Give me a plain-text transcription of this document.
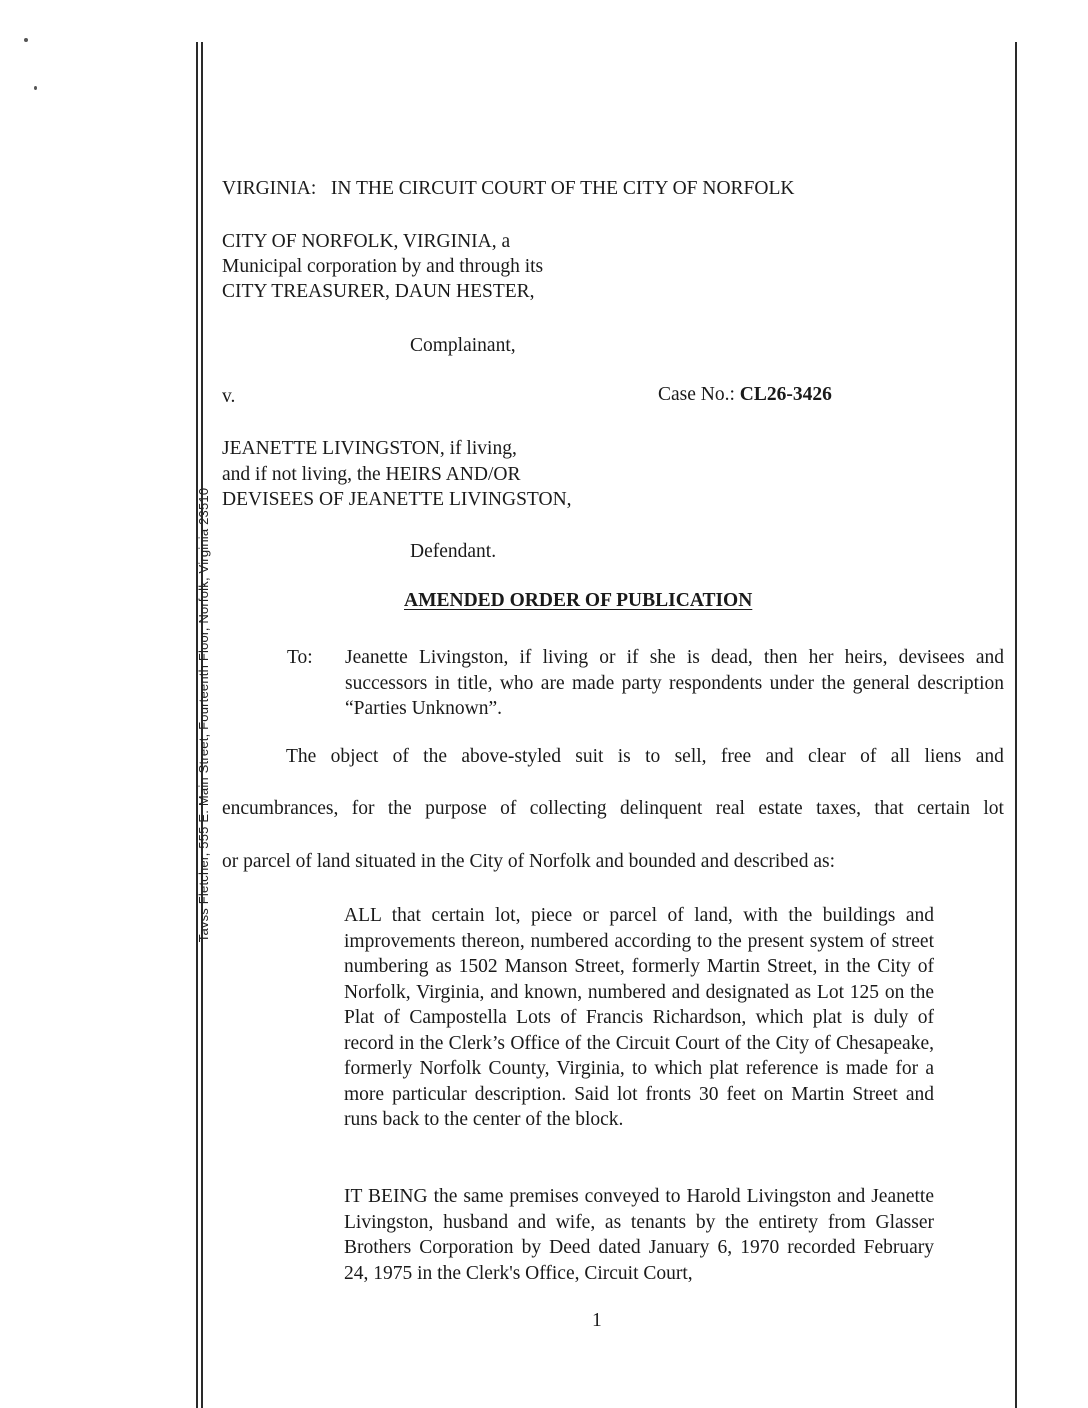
Tavss Fletcher, 555 E. Main Street, Fourteenth Floor, Norfolk, Virginia 23510
VIRGINIA:   IN THE CIRCUIT COURT OF THE CITY OF NORFOLK
CITY OF NORFOLK, VIRGINIA, a
Municipal corporation by and through its
CITY TREASURER, DAUN HESTER,
Complainant,
v.	Case No.: CL26-3426
JEANETTE LIVINGSTON, if living,
and if not living, the HEIRS AND/OR
DEVISEES OF JEANETTE LIVINGSTON,
Defendant.
AMENDED ORDER OF PUBLICATION
To: Jeanette Livingston, if living or if she is dead, then her heirs, devisees and successors in title, who are made party respondents under the general description “Parties Unknown”.
The object of the above-styled suit is to sell, free and clear of all liens and
encumbrances, for the purpose of collecting delinquent real estate taxes, that certain lot
or parcel of land situated in the City of Norfolk and bounded and described as:
ALL that certain lot, piece or parcel of land, with the buildings and improvements thereon, numbered according to the present system of street numbering as 1502 Manson Street, formerly Martin Street, in the City of Norfolk, Virginia, and known, numbered and designated as Lot 125 on the Plat of Campostella Lots of Francis Richardson, which plat is duly of record in the Clerk’s Office of the Circuit Court of the City of Chesapeake, formerly Norfolk County, Virginia, to which plat reference is made for a more particular description. Said lot fronts 30 feet on Martin Street and runs back to the center of the block.
IT BEING the same premises conveyed to Harold Livingston and Jeanette Livingston, husband and wife, as tenants by the entirety from Glasser Brothers Corporation by Deed dated January 6, 1970 recorded February 24, 1975 in the Clerk's Office, Circuit Court,
1
